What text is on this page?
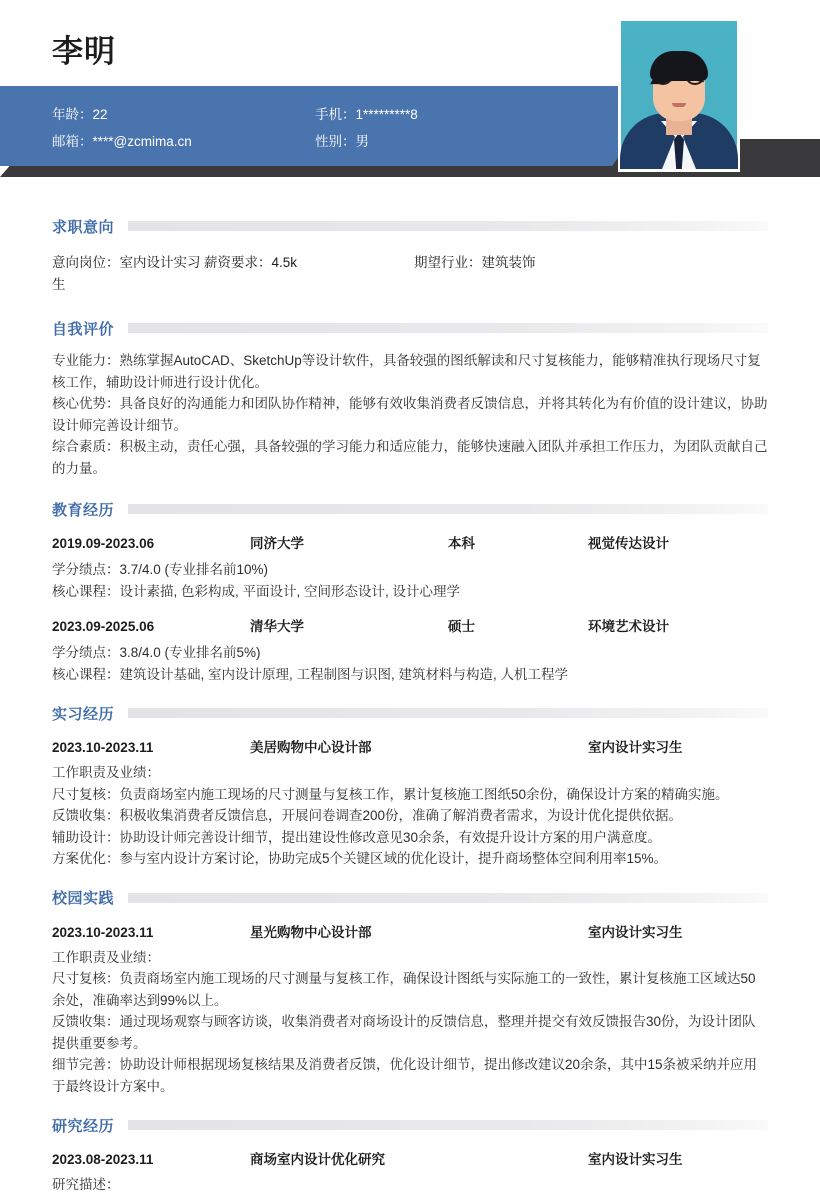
李明
年龄：22	手机：1*********8
邮箱：****@zcmima.cn	性别：男
求职意向
意向岗位：室内设计实习生
薪资要求：4.5k	期望行业：建筑装饰
自我评价
专业能力：熟练掌握AutoCAD、SketchUp等设计软件，具备较强的图纸解读和尺寸复核能力，能够精准执行现场尺寸复核工作，辅助设计师进行设计优化。
核心优势：具备良好的沟通能力和团队协作精神，能够有效收集消费者反馈信息，并将其转化为有价值的设计建议，协助设计师完善设计细节。
综合素质：积极主动，责任心强，具备较强的学习能力和适应能力，能够快速融入团队并承担工作压力，为团队贡献自己的力量。
教育经历
2019.09-2023.06	同济大学	本科	视觉传达设计
学分绩点：3.7/4.0 (专业排名前10%)
核心课程：设计素描, 色彩构成, 平面设计, 空间形态设计, 设计心理学
2023.09-2025.06	清华大学	硕士	环境艺术设计
学分绩点：3.8/4.0 (专业排名前5%)
核心课程：建筑设计基础, 室内设计原理, 工程制图与识图, 建筑材料与构造, 人机工程学
实习经历
2023.10-2023.11	美居购物中心设计部	室内设计实习生
工作职责及业绩：
尺寸复核：负责商场室内施工现场的尺寸测量与复核工作，累计复核施工图纸50余份，确保设计方案的精确实施。
反馈收集：积极收集消费者反馈信息，开展问卷调查200份，准确了解消费者需求，为设计优化提供依据。
辅助设计：协助设计师完善设计细节，提出建设性修改意见30余条，有效提升设计方案的用户满意度。
方案优化：参与室内设计方案讨论，协助完成5个关键区域的优化设计，提升商场整体空间利用率15%。
校园实践
2023.10-2023.11	星光购物中心设计部	室内设计实习生
工作职责及业绩：
尺寸复核：负责商场室内施工现场的尺寸测量与复核工作，确保设计图纸与实际施工的一致性，累计复核施工区域达50余处，准确率达到99%以上。
反馈收集：通过现场观察与顾客访谈，收集消费者对商场设计的反馈信息，整理并提交有效反馈报告30份，为设计团队提供重要参考。
细节完善：协助设计师根据现场复核结果及消费者反馈，优化设计细节，提出修改建议20余条，其中15条被采纳并应用于最终设计方案中。
研究经历
2023.08-2023.11	商场室内设计优化研究	室内设计实习生
研究描述：
